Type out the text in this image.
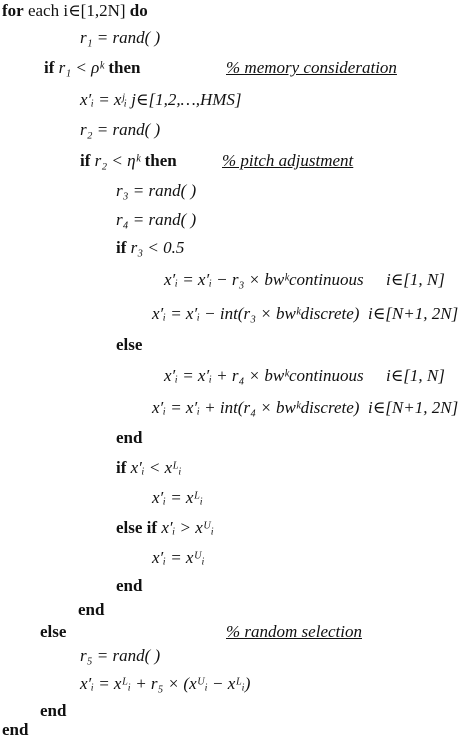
for each i∈[1,2N] do
r₁ = rand( )
if r₁ < ρᵏ then	% memory consideration
x′ᵢ = xʲᵢ j∈[1,2,…,HMS]
r₂ = rand( )
if r₂ < ηᵏ then	% pitch adjustment
r₃ = rand( )
r₄ = rand( )
if r₃ < 0.5
x′ᵢ = x′ᵢ − r₃ × bwᵏcontinuous i∈[1, N]
x′ᵢ = x′ᵢ − int(r₃ × bwᵏdiscrete) i∈[N+1, 2N]
else
x′ᵢ = x′ᵢ + r₄ × bwᵏcontinuous i∈[1, N]
x′ᵢ = x′ᵢ + int(r₄ × bwᵏdiscrete) i∈[N+1, 2N]
end
if x′ᵢ < xᴸᵢ
x′ᵢ = xᴸᵢ
else if x′ᵢ > xᵁᵢ
x′ᵢ = xᵁᵢ
end
end
else	% random selection
r₅ = rand( )
x′ᵢ = xᴸᵢ + r₅ × (xᵁᵢ − xᴸᵢ)
end
end
